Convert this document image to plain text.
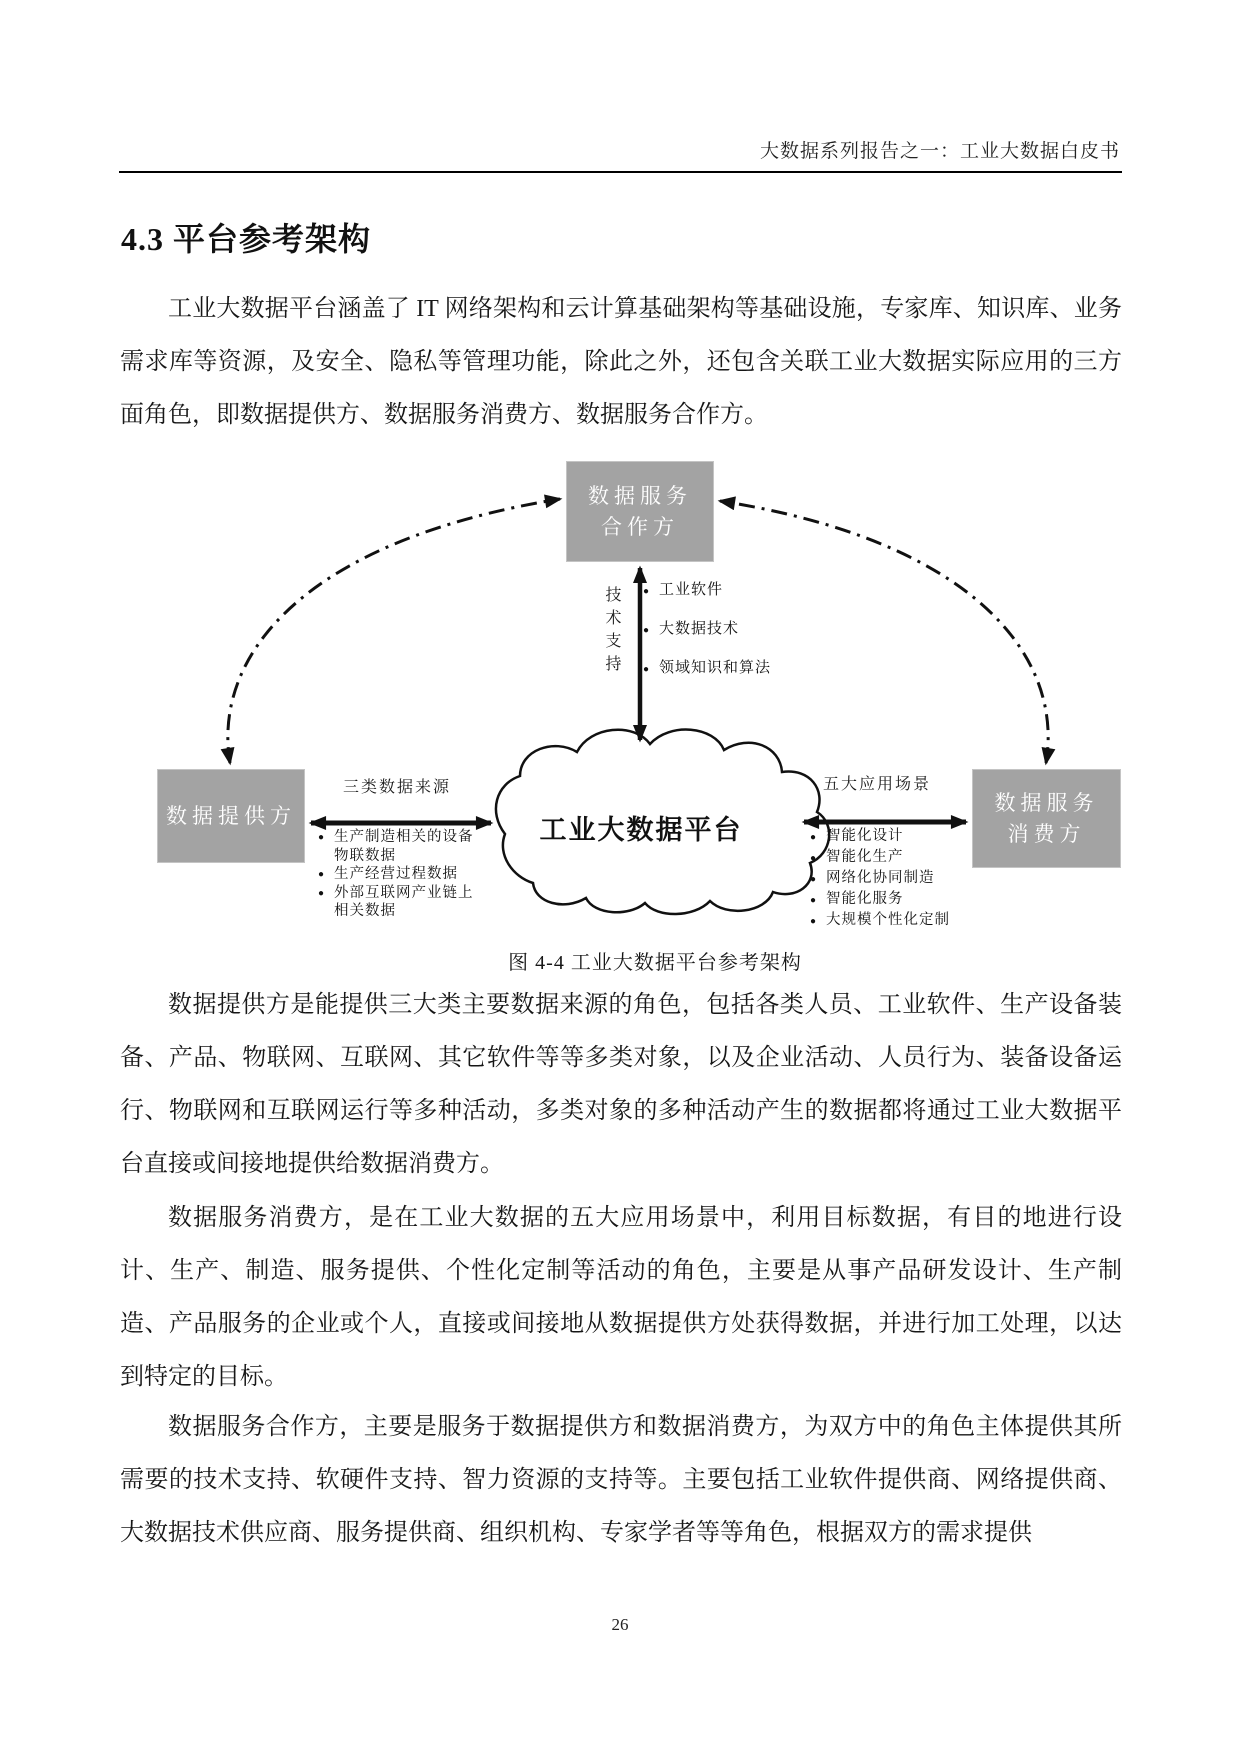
大数据系列报告之一：工业大数据白皮书
4.3 平台参考架构

工业大数据平台涵盖了 IT 网络架构和云计算基础架构等基础设施，专家库、知识库、业务需求库等资源，及安全、隐私等管理功能，除此之外，还包含关联工业大数据实际应用的三方面角色，即数据提供方、数据服务消费方、数据服务合作方。

数据服务
合作方
数据提供方
数据服务
消费方
工业大数据平台
技术支持	● 工业软件
● 大数据技术
● 领域知识和算法
三类数据来源
● 生产制造相关的设备物联数据
● 生产经营过程数据
● 外部互联网产业链上相关数据
五大应用场景
● 智能化设计
● 智能化生产
● 网络化协同制造
● 智能化服务
● 大规模个性化定制
图 4-4 工业大数据平台参考架构

数据提供方是能提供三大类主要数据来源的角色，包括各类人员、工业软件、生产设备装备、产品、物联网、互联网、其它软件等等多类对象，以及企业活动、人员行为、装备设备运行、物联网和互联网运行等多种活动，多类对象的多种活动产生的数据都将通过工业大数据平台直接或间接地提供给数据消费方。

数据服务消费方，是在工业大数据的五大应用场景中，利用目标数据，有目的地进行设计、生产、制造、服务提供、个性化定制等活动的角色，主要是从事产品研发设计、生产制造、产品服务的企业或个人，直接或间接地从数据提供方处获得数据，并进行加工处理，以达到特定的目标。

数据服务合作方，主要是服务于数据提供方和数据消费方，为双方中的角色主体提供其所需要的技术支持、软硬件支持、智力资源的支持等。主要包括工业软件提供商、网络提供商、大数据技术供应商、服务提供商、组织机构、专家学者等等角色，根据双方的需求提供

26
